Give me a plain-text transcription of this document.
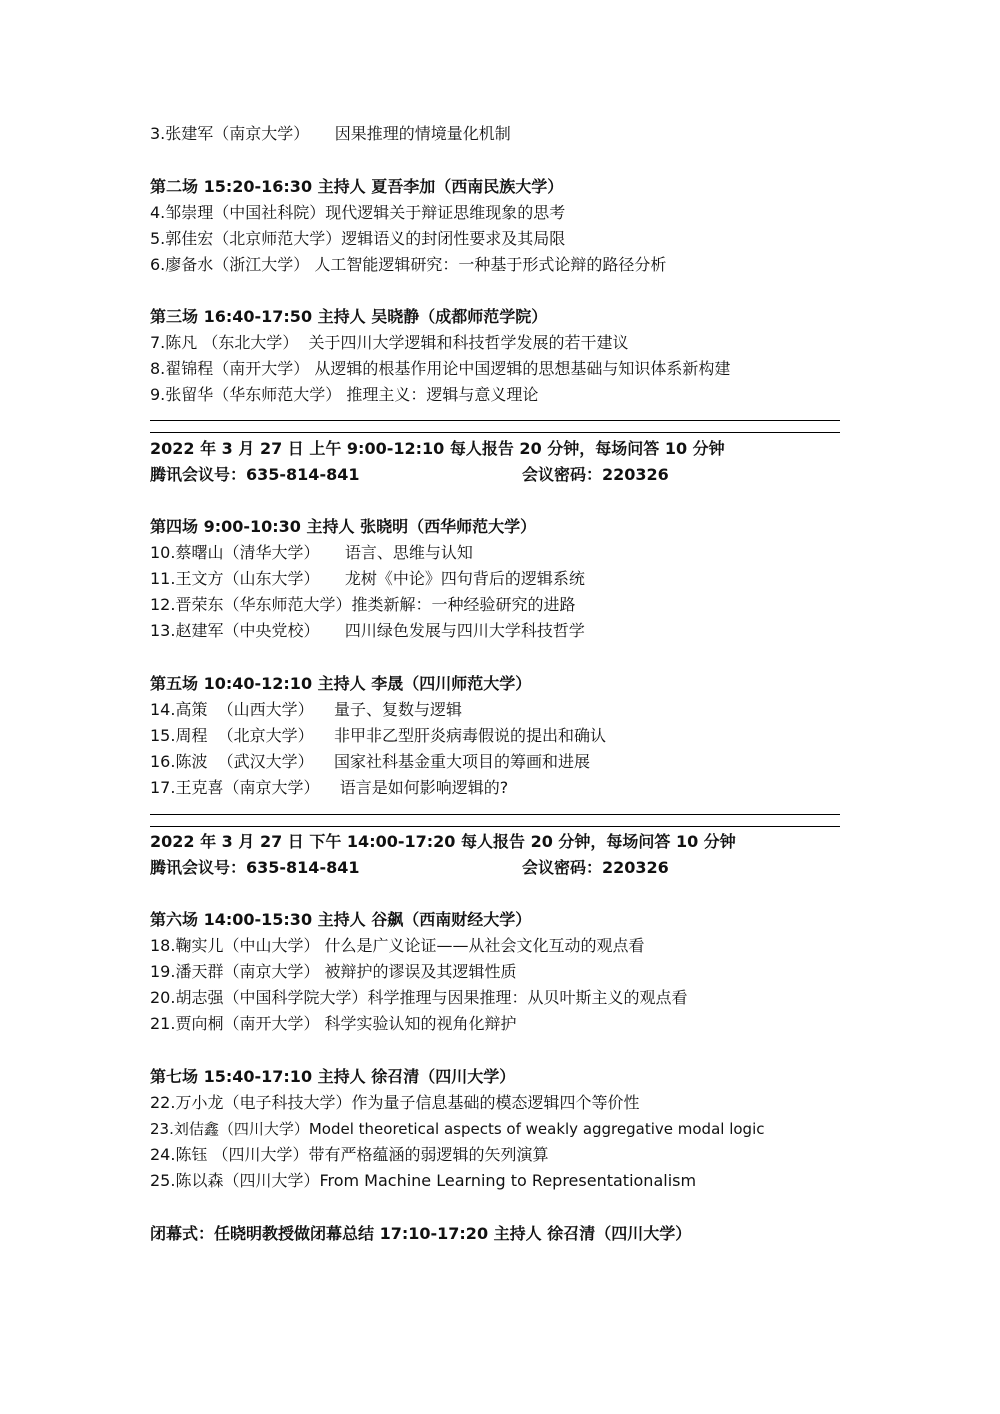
3.张建军（南京大学）     因果推理的情境量化机制
第二场 15:20-16:30 主持人 夏吾李加（西南民族大学）
4.邹崇理（中国社科院）现代逻辑关于辩证思维现象的思考
5.郭佳宏（北京师范大学）逻辑语义的封闭性要求及其局限
6.廖备水（浙江大学） 人工智能逻辑研究：一种基于形式论辩的路径分析
第三场 16:40-17:50 主持人 吴晓静（成都师范学院）
7.陈凡 （东北大学）  关于四川大学逻辑和科技哲学发展的若干建议
8.翟锦程（南开大学） 从逻辑的根基作用论中国逻辑的思想基础与知识体系新构建
9.张留华（华东师范大学） 推理主义：逻辑与意义理论
2022 年 3 月 27 日 上午 9:00-12:10 每人报告 20 分钟，每场问答 10 分钟
腾讯会议号：635-814-841	会议密码：220326
第四场 9:00-10:30 主持人 张晓明（西华师范大学）
10.蔡曙山（清华大学）     语言、思维与认知
11.王文方（山东大学）     龙树《中论》四句背后的逻辑系统
12.晋荣东（华东师范大学）推类新解：一种经验研究的进路
13.赵建军（中央党校）     四川绿色发展与四川大学科技哲学
第五场 10:40-12:10 主持人 李晟（四川师范大学）
14.高策  （山西大学）    量子、复数与逻辑
15.周程  （北京大学）    非甲非乙型肝炎病毒假说的提出和确认
16.陈波  （武汉大学）    国家社科基金重大项目的筹画和进展
17.王克喜（南京大学）    语言是如何影响逻辑的?
2022 年 3 月 27 日 下午 14:00-17:20 每人报告 20 分钟，每场问答 10 分钟
腾讯会议号：635-814-841	会议密码：220326
第六场 14:00-15:30 主持人 谷飙（西南财经大学）
18.鞠实儿（中山大学） 什么是广义论证——从社会文化互动的观点看
19.潘天群（南京大学） 被辩护的谬误及其逻辑性质
20.胡志强（中国科学院大学）科学推理与因果推理：从贝叶斯主义的观点看
21.贾向桐（南开大学） 科学实验认知的视角化辩护
第七场 15:40-17:10 主持人 徐召清（四川大学）
22.万小龙（电子科技大学）作为量子信息基础的模态逻辑四个等价性
23.刘佶鑫（四川大学）Model theoretical aspects of weakly aggregative modal logic
24.陈钰 （四川大学）带有严格蕴涵的弱逻辑的矢列演算
25.陈以森（四川大学）From Machine Learning to Representationalism
闭幕式：任晓明教授做闭幕总结 17:10-17:20 主持人 徐召清（四川大学）
